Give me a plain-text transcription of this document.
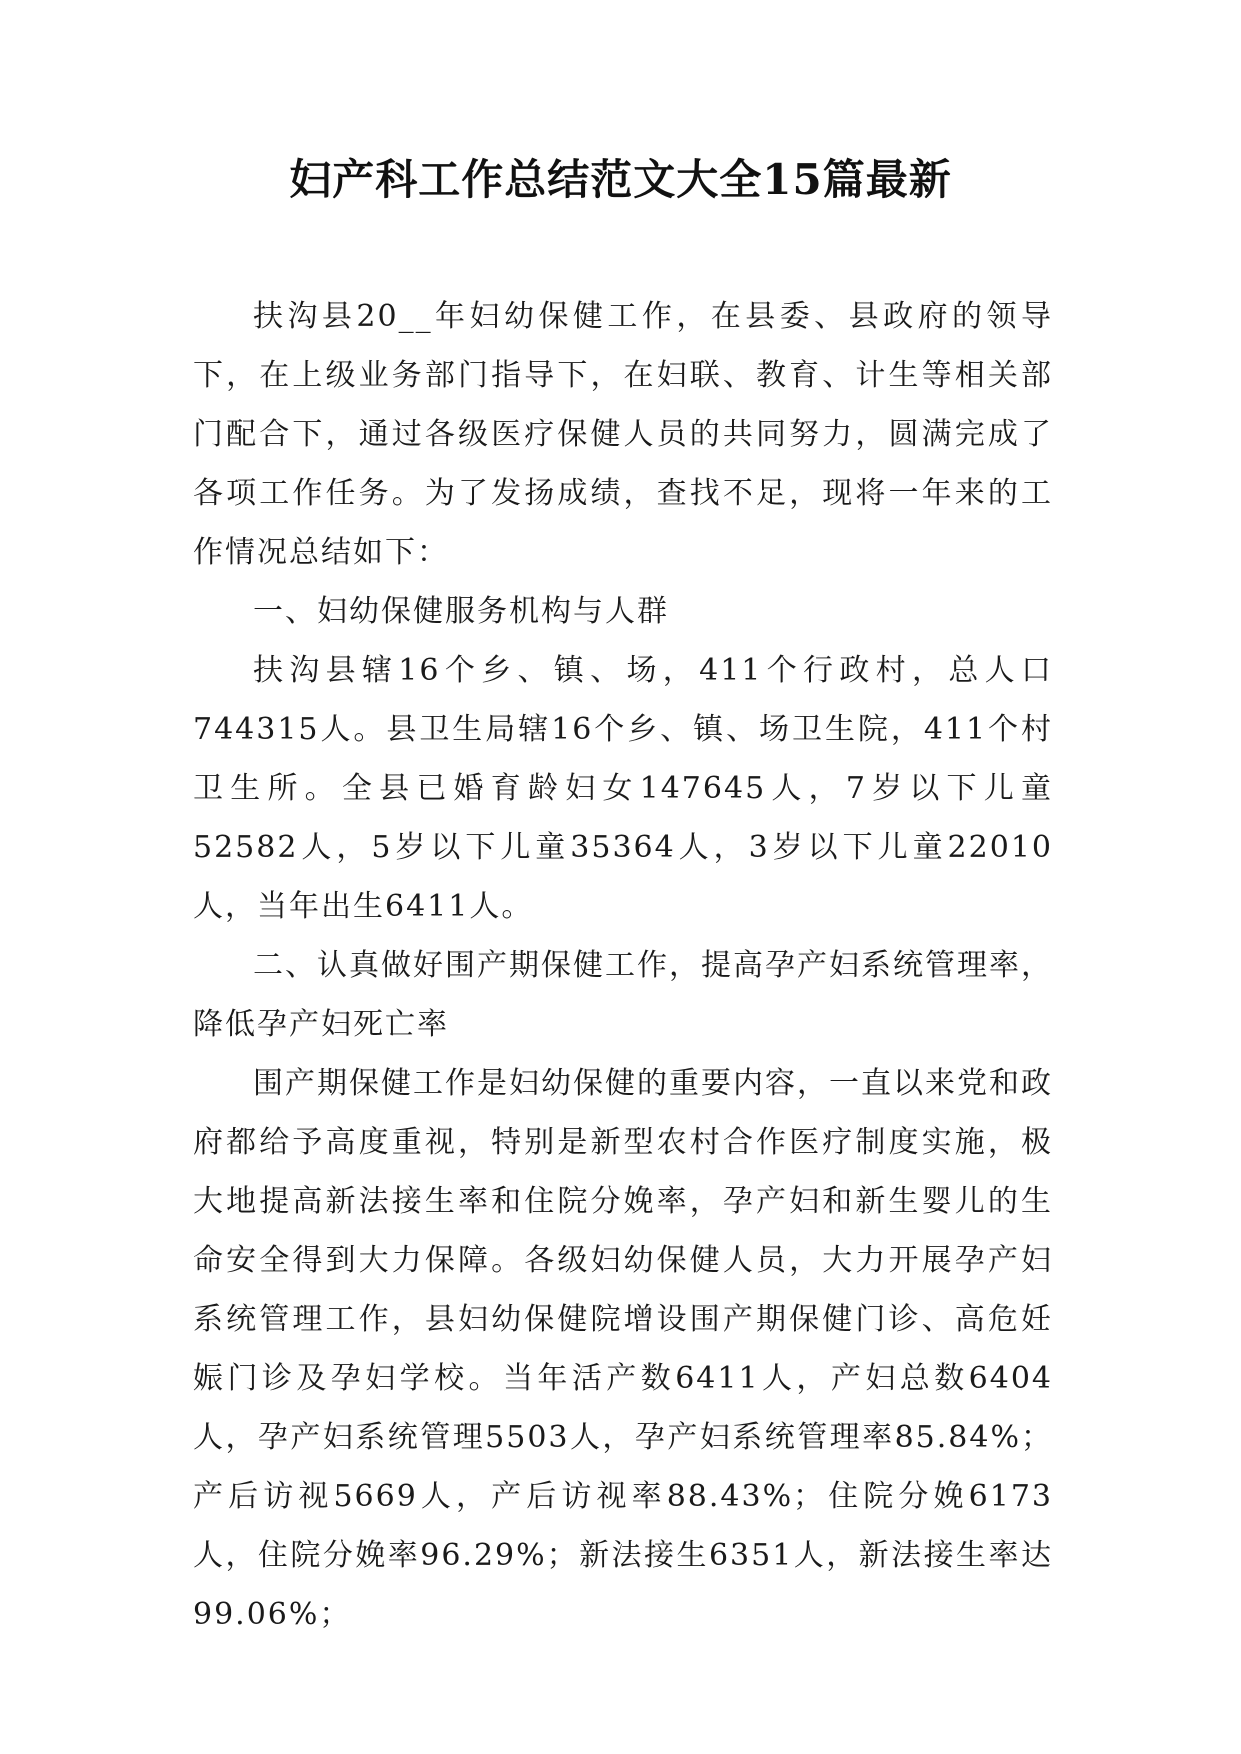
妇产科工作总结范文大全15篇最新

扶沟县20__年妇幼保健工作，在县委、县政府的领导下，在上级业务部门指导下，在妇联、教育、计生等相关部门配合下，通过各级医疗保健人员的共同努力，圆满完成了各项工作任务。为了发扬成绩，查找不足，现将一年来的工作情况总结如下：

一、妇幼保健服务机构与人群

扶沟县辖16个乡、镇、场，411个行政村，总人口744315人。县卫生局辖16个乡、镇、场卫生院，411个村卫生所。全县已婚育龄妇女147645人，7岁以下儿童52582人，5岁以下儿童35364人，3岁以下儿童22010人，当年出生6411人。

二、认真做好围产期保健工作，提高孕产妇系统管理率，降低孕产妇死亡率

围产期保健工作是妇幼保健的重要内容，一直以来党和政府都给予高度重视，特别是新型农村合作医疗制度实施，极大地提高新法接生率和住院分娩率，孕产妇和新生婴儿的生命安全得到大力保障。各级妇幼保健人员，大力开展孕产妇系统管理工作，县妇幼保健院增设围产期保健门诊、高危妊娠门诊及孕妇学校。当年活产数6411人，产妇总数6404人，孕产妇系统管理5503人，孕产妇系统管理率85.84%；产后访视5669人，产后访视率88.43%；住院分娩6173人，住院分娩率96.29%；新法接生6351人，新法接生率达99.06%；
